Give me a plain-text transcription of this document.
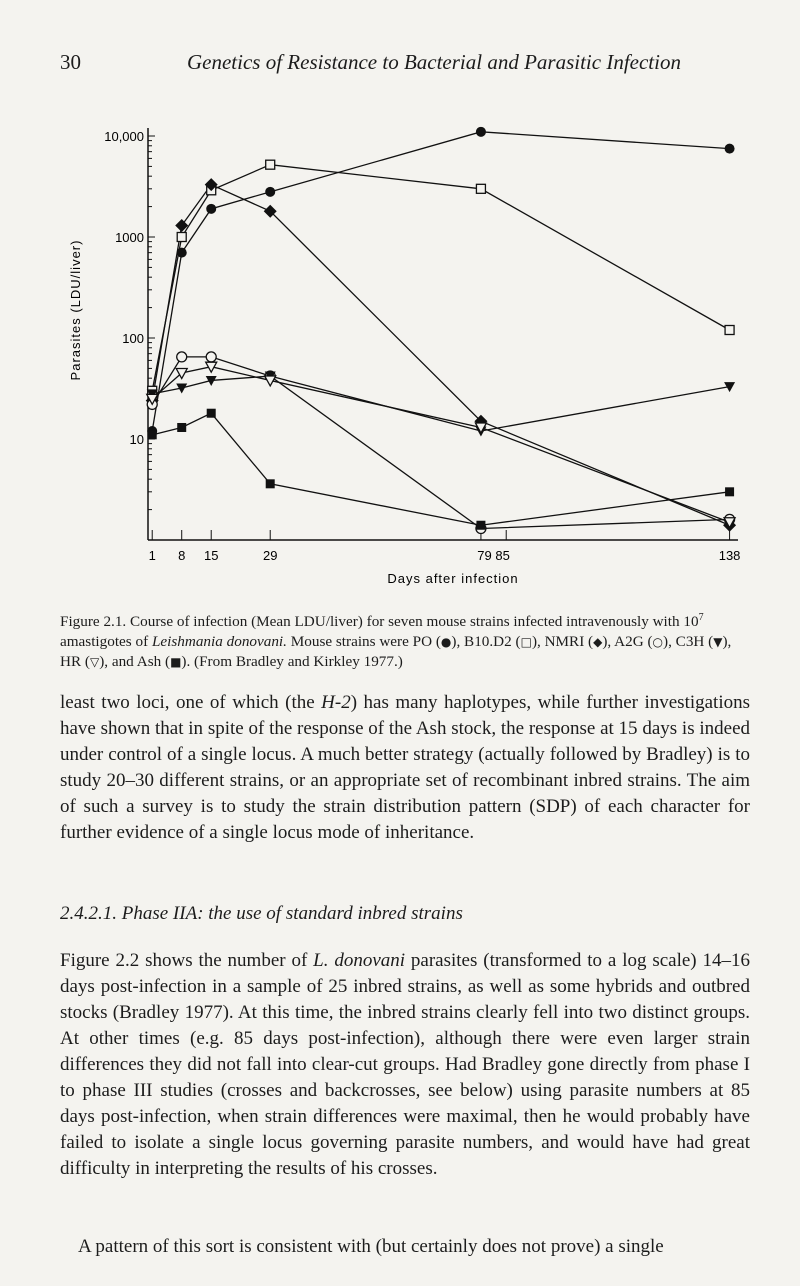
30	Genetics of Resistance to Bacterial and Parasitic Infection
10
100
1000
10,000
1 8 15	29	79 85	138
Parasites (LDU/liver)
Days after infection
Figure 2.1. Course of infection (Mean LDU/liver) for seven mouse strains infected intravenously with $10^7$ amastigotes of Leishmania donovani. Mouse strains were PO (●), B10.D2 (□), NMRI (◆), A2G (○), C3H (▼), HR (▽), and Ash (■). (From Bradley and Kirkley 1977.)

least two loci, one of which (the H-2) has many haplotypes, while further investigations have shown that in spite of the response of the Ash stock, the response at 15 days is indeed under control of a single locus. A much better strategy (actually followed by Bradley) is to study 20–30 different strains, or an appropriate set of recombinant inbred strains. The aim of such a survey is to study the strain distribution pattern (SDP) of each character for further evidence of a single locus mode of inheritance.

2.4.2.1. Phase IIA: the use of standard inbred strains

Figure 2.2 shows the number of L. donovani parasites (transformed to a log scale) 14–16 days post-infection in a sample of 25 inbred strains, as well as some hybrids and outbred stocks (Bradley 1977). At this time, the inbred strains clearly fell into two distinct groups. At other times (e.g. 85 days post-infection), although there were even larger strain differences they did not fall into clear-cut groups. Had Bradley gone directly from phase I to phase III studies (crosses and backcrosses, see below) using parasite numbers at 85 days post-infection, when strain differences were maximal, then he would probably have failed to isolate a single locus governing parasite numbers, and would have had great difficulty in interpreting the results of his crosses.

A pattern of this sort is consistent with (but certainly does not prove) a single
